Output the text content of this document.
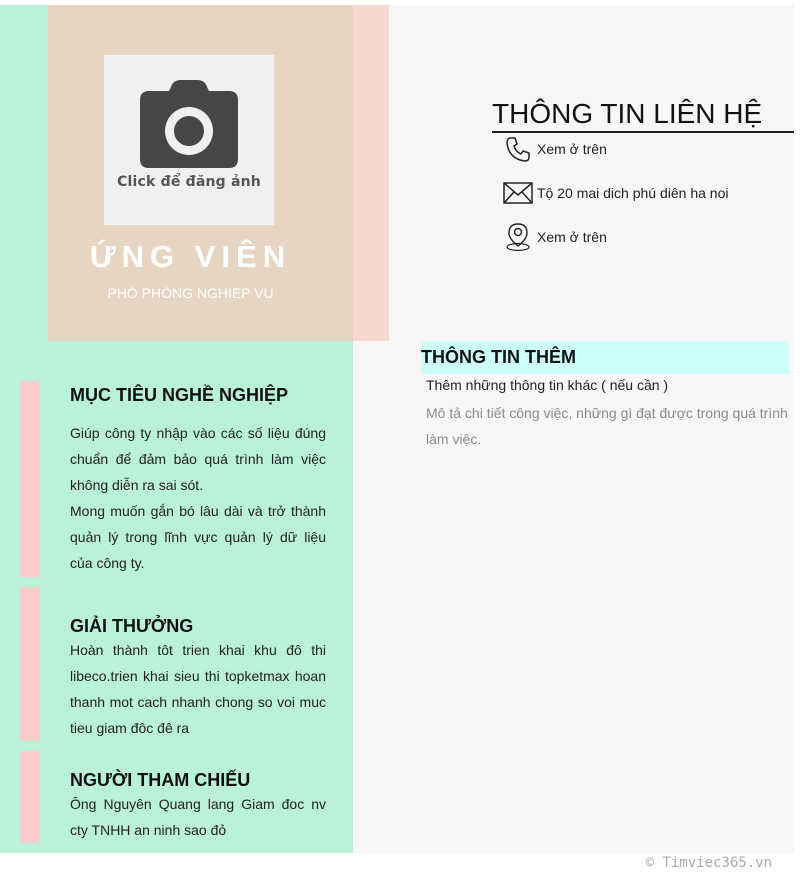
Click để đăng ảnh
ỨNG VIÊN
PHÓ PHÒNG NGHIEP VU
MỤC TIÊU NGHỀ NGHIỆP

Giúp công ty nhập vào các số liệu đúng chuẩn để đảm bảo quá trình làm việc không diễn ra sai sót.

Mong muốn gắn bó lâu dài và trở thành quản lý trong lĩnh vực quản lý dữ liệu của công ty.

GIẢI THƯỞNG
Hoàn thành tôt trien khai khu đô thi libeco.trien khai sieu thi topketmax hoan thanh mot cach nhanh chong so voi muc tieu giam đôc đê ra
NGƯỜI THAM CHIẾU
Ông Nguyên Quang lang Giam đoc nv cty TNHH an ninh sao đỏ
THÔNG TIN LIÊN HỆ
Xem ở trên
Tộ 20 mai dich phú diên ha noi
Xem ở trên
THÔNG TIN THÊM
Thêm những thông tin khác ( nếu cần )
Mô tả chi tiết công việc, những gì đạt được trong quá trình làm việc.
© Timviec365.vn
